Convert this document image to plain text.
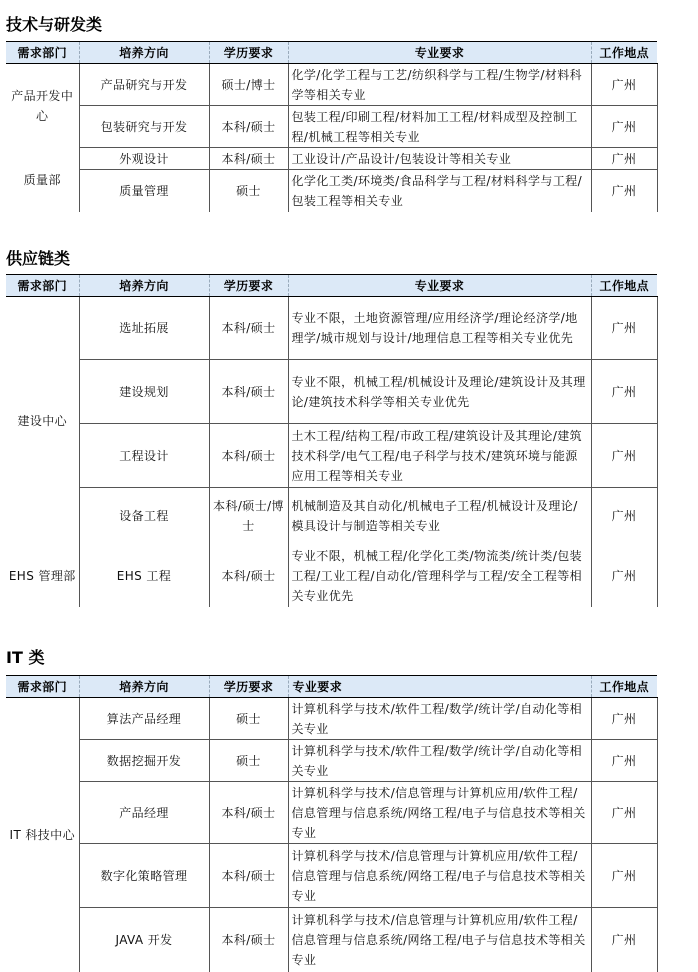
技术与研发类
需求部门	培养方向	学历要求	专业要求	工作地点
产品开发中心	产品研究与开发	硕士/博士	化学/化学工程与工艺/纺织科学与工程/生物学/材料科学等相关专业	广州
	包装研究与开发	本科/硕士	包装工程/印刷工程/材料加工工程/材料成型及控制工程/机械工程等相关专业	广州
质量部	外观设计	本科/硕士	工业设计/产品设计/包装设计等相关专业	广州
	质量管理	硕士	化学化工类/环境类/食品科学与工程/材料科学与工程/包装工程等相关专业	广州
供应链类
需求部门	培养方向	学历要求	专业要求	工作地点
建设中心	选址拓展	本科/硕士	专业不限，土地资源管理/应用经济学/理论经济学/地理学/城市规划与设计/地理信息工程等相关专业优先	广州
	建设规划	本科/硕士	专业不限，机械工程/机械设计及理论/建筑设计及其理论/建筑技术科学等相关专业优先	广州
	工程设计	本科/硕士	土木工程/结构工程/市政工程/建筑设计及其理论/建筑技术科学/电气工程/电子科学与技术/建筑环境与能源应用工程等相关专业	广州
	设备工程	本科/硕士/博士	机械制造及其自动化/机械电子工程/机械设计及理论/模具设计与制造等相关专业	广州
EHS 管理部	EHS 工程	本科/硕士	专业不限，机械工程/化学化工类/物流类/统计类/包装工程/工业工程/自动化/管理科学与工程/安全工程等相关专业优先	广州
IT 类
需求部门	培养方向	学历要求	专业要求	工作地点
IT 科技中心	算法产品经理	硕士	计算机科学与技术/软件工程/数学/统计学/自动化等相关专业	广州
	数据挖掘开发	硕士	计算机科学与技术/软件工程/数学/统计学/自动化等相关专业	广州
	产品经理	本科/硕士	计算机科学与技术/信息管理与计算机应用/软件工程/信息管理与信息系统/网络工程/电子与信息技术等相关专业	广州
	数字化策略管理	本科/硕士	计算机科学与技术/信息管理与计算机应用/软件工程/信息管理与信息系统/网络工程/电子与信息技术等相关专业	广州
	JAVA 开发	本科/硕士	计算机科学与技术/信息管理与计算机应用/软件工程/信息管理与信息系统/网络工程/电子与信息技术等相关专业	广州
